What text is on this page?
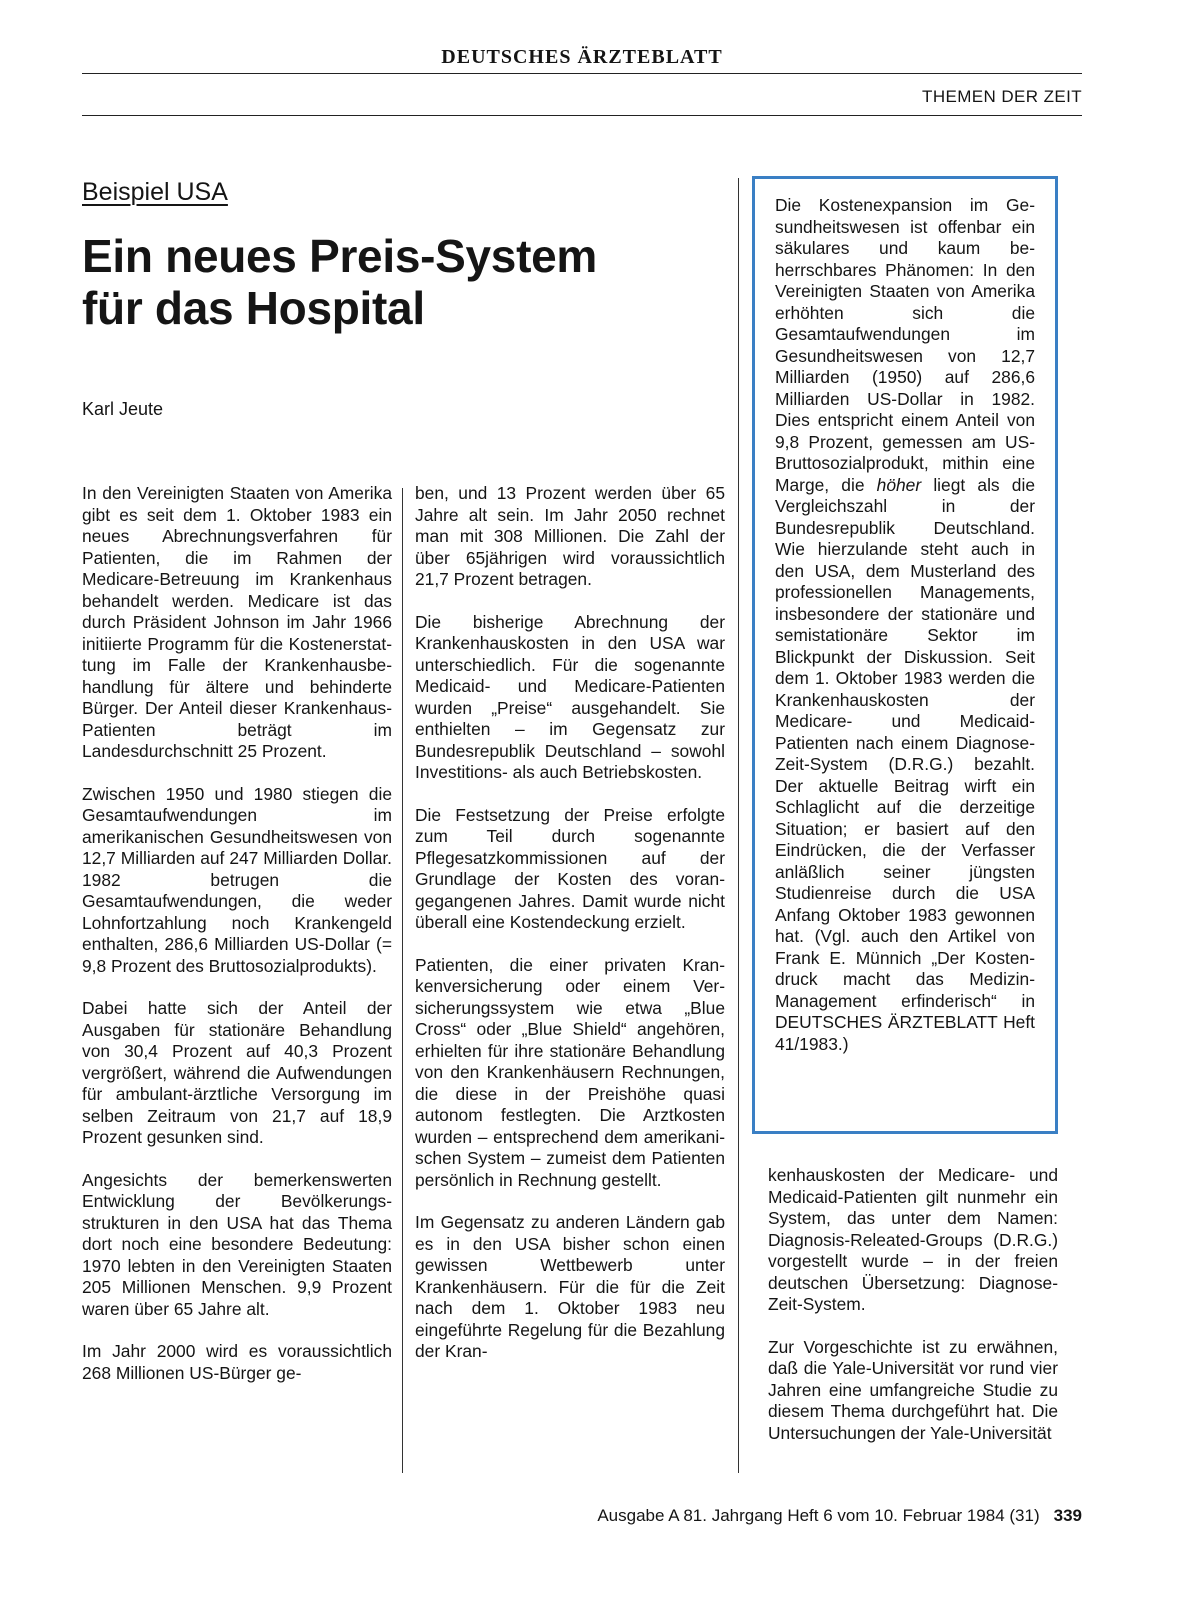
DEUTSCHES ÄRZTEBLATT
THEMEN DER ZEIT
Beispiel USA
Ein neues Preis-System
für das Hospital
Karl Jeute

In den Vereinigten Staaten von Amerika gibt es seit dem 1. Oktober 1983 ein neues Abrechnungsverfahren für Patienten, die im Rahmen der Medicare-Betreuung im Krankenhaus behandelt werden. Medicare ist das durch Präsident Johnson im Jahr 1966 initiierte Programm für die Kostenerstattung im Falle der Krankenhausbehandlung für ältere und behinderte Bürger. Der Anteil dieser Krankenhaus-Patienten beträgt im Landesdurchschnitt 25 Prozent.

Zwischen 1950 und 1980 stiegen die Gesamtaufwendungen im amerikanischen Gesundheitswesen von 12,7 Milliarden auf 247 Milliarden Dollar. 1982 betrugen die Gesamtaufwendungen, die weder Lohnfortzahlung noch Krankengeld enthalten, 286,6 Milliarden US-Dollar (= 9,8 Prozent des Bruttosozialprodukts).

Dabei hatte sich der Anteil der Ausgaben für stationäre Behandlung von 30,4 Prozent auf 40,3 Prozent vergrößert, während die Aufwendungen für ambulant-ärztliche Versorgung im selben Zeitraum von 21,7 auf 18,9 Prozent gesunken sind.

Angesichts der bemerkenswerten Entwicklung der Bevölkerungsstrukturen in den USA hat das Thema dort noch eine besondere Bedeutung: 1970 lebten in den Vereinigten Staaten 205 Millionen Menschen. 9,9 Prozent waren über 65 Jahre alt.

Im Jahr 2000 wird es voraussichtlich 268 Millionen US-Bürger ge-

ben, und 13 Prozent werden über 65 Jahre alt sein. Im Jahr 2050 rechnet man mit 308 Millionen. Die Zahl der über 65jährigen wird voraussichtlich 21,7 Prozent betragen.

Die bisherige Abrechnung der Krankenhauskosten in den USA war unterschiedlich. Für die sogenannte Medicaid- und Medicare-Patienten wurden „Preise“ ausgehandelt. Sie enthielten – im Gegensatz zur Bundesrepublik Deutschland – sowohl Investitions- als auch Betriebskosten.

Die Festsetzung der Preise erfolgte zum Teil durch sogenannte Pflegesatzkommissionen auf der Grundlage der Kosten des vorangegangenen Jahres. Damit wurde nicht überall eine Kostendeckung erzielt.

Patienten, die einer privaten Krankenversicherung oder einem Versicherungssystem wie etwa „Blue Cross“ oder „Blue Shield“ angehören, erhielten für ihre stationäre Behandlung von den Krankenhäusern Rechnungen, die diese in der Preishöhe quasi autonom festlegten. Die Arztkosten wurden – entsprechend dem amerikanischen System – zumeist dem Patienten persönlich in Rechnung gestellt.

Im Gegensatz zu anderen Ländern gab es in den USA bisher schon einen gewissen Wettbewerb unter Krankenhäusern. Für die für die Zeit nach dem 1. Oktober 1983 neu eingeführte Regelung für die Bezahlung der Kran-

Die Kostenexpansion im Gesundheitswesen ist offenbar ein säkulares und kaum beherrschbares Phänomen: In den Vereinigten Staaten von Amerika erhöhten sich die Gesamtaufwendungen im Gesundheitswesen von 12,7 Milliarden (1950) auf 286,6 Milliarden US-Dollar in 1982. Dies entspricht einem Anteil von 9,8 Prozent, gemessen am US-Bruttosozialprodukt, mithin eine Marge, die höher liegt als die Vergleichszahl in der Bundesrepublik Deutschland. Wie hierzulande steht auch in den USA, dem Musterland des professionellen Managements, insbesondere der stationäre und semistationäre Sektor im Blickpunkt der Diskussion. Seit dem 1. Oktober 1983 werden die Krankenhauskosten der Medicare- und Medicaid-Patienten nach einem Diagnose-Zeit-System (D.R.G.) bezahlt. Der aktuelle Beitrag wirft ein Schlaglicht auf die derzeitige Situation; er basiert auf den Eindrücken, die der Verfasser anläßlich seiner jüngsten Studienreise durch die USA Anfang Oktober 1983 gewonnen hat. (Vgl. auch den Artikel von Frank E. Münnich „Der Kostendruck macht das Medizin-Management erfinderisch“ in DEUTSCHES ÄRZTEBLATT Heft 41/1983.)

kenhauskosten der Medicare- und Medicaid-Patienten gilt nunmehr ein System, das unter dem Namen: Diagnosis-Releated-Groups (D.R.G.) vorgestellt wurde – in der freien deutschen Übersetzung: Diagnose-Zeit-System.

Zur Vorgeschichte ist zu erwähnen, daß die Yale-Universität vor rund vier Jahren eine umfangreiche Studie zu diesem Thema durchgeführt hat. Die Untersuchungen der Yale-Universität

Ausgabe A 81. Jahrgang Heft 6 vom 10. Februar 1984 (31) 339
